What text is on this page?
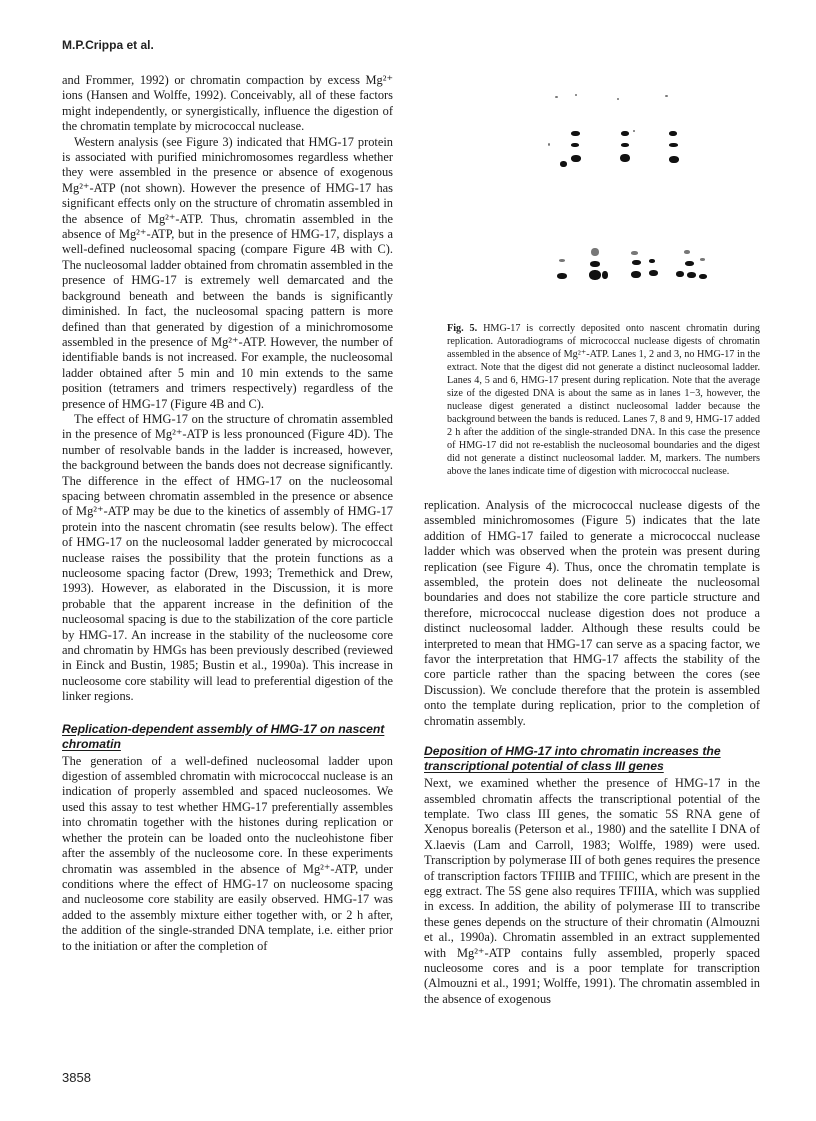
M.P.Crippa et al.

and Frommer, 1992) or chromatin compaction by excess Mg²⁺ ions (Hansen and Wolffe, 1992). Conceivably, all of these factors might independently, or synergistically, influence the digestion of the chromatin template by micrococcal nuclease.

Western analysis (see Figure 3) indicated that HMG-17 protein is associated with purified minichromosomes regardless whether they were assembled in the presence or absence of exogenous Mg²⁺-ATP (not shown). However the presence of HMG-17 has significant effects only on the structure of chromatin assembled in the absence of Mg²⁺-ATP. Thus, chromatin assembled in the absence of Mg²⁺-ATP, but in the presence of HMG-17, displays a well-defined nucleosomal spacing (compare Figure 4B with C). The nucleosomal ladder obtained from chromatin assembled in the presence of HMG-17 is extremely well demarcated and the background beneath and between the bands is significantly diminished. In fact, the nucleosomal spacing pattern is more defined than that generated by digestion of a minichromosome assembled in the presence of Mg²⁺-ATP. However, the number of identifiable bands is not increased. For example, the nucleosomal ladder obtained after 5 min and 10 min extends to the same position (tetramers and trimers respectively) regardless of the presence of HMG-17 (Figure 4B and C).

The effect of HMG-17 on the structure of chromatin assembled in the presence of Mg²⁺-ATP is less pronounced (Figure 4D). The number of resolvable bands in the ladder is increased, however, the background between the bands does not decrease significantly. The difference in the effect of HMG-17 on the nucleosomal spacing between chromatin assembled in the presence or absence of Mg²⁺-ATP may be due to the kinetics of assembly of HMG-17 protein into the nascent chromatin (see results below). The effect of HMG-17 on the nucleosomal ladder generated by micrococcal nuclease raises the possibility that the protein functions as a nucleosome spacing factor (Drew, 1993; Tremethick and Drew, 1993). However, as elaborated in the Discussion, it is more probable that the apparent increase in the definition of the nucleosomal spacing is due to the stabilization of the core particle by HMG-17. An increase in the stability of the nucleosome core and chromatin by HMGs has been previously described (reviewed in Einck and Bustin, 1985; Bustin et al., 1990a). This increase in nucleosome core stability will lead to preferential digestion of the linker regions.

Replication-dependent assembly of HMG-17 on nascent chromatin

The generation of a well-defined nucleosomal ladder upon digestion of assembled chromatin with micrococcal nuclease is an indication of properly assembled and spaced nucleosomes. We used this assay to test whether HMG-17 preferentially assembles into chromatin together with the histones during replication or whether the protein can be loaded onto the nucleohistone fiber after the assembly of the nucleosome core. In these experiments chromatin was assembled in the absence of Mg²⁺-ATP, under conditions where the effect of HMG-17 on nucleosome spacing and nucleosome core stability are easily observed. HMG-17 was added to the assembly mixture either together with, or 2 h after, the addition of the single-stranded DNA template, i.e. either prior to the initiation or after the completion of

Fig. 5. HMG-17 is correctly deposited onto nascent chromatin during replication. Autoradiograms of micrococcal nuclease digests of chromatin assembled in the absence of Mg²⁺-ATP. Lanes 1, 2 and 3, no HMG-17 in the extract. Note that the digest did not generate a distinct nucleosomal ladder. Lanes 4, 5 and 6, HMG-17 present during replication. Note that the average size of the digested DNA is about the same as in lanes 1−3, however, the nuclease digest generated a distinct nucleosomal ladder because the background between the bands is reduced. Lanes 7, 8 and 9, HMG-17 added 2 h after the addition of the single-stranded DNA. In this case the presence of HMG-17 did not re-establish the nucleosomal boundaries and the digest did not generate a distinct nucleosomal ladder. M, markers. The numbers above the lanes indicate time of digestion with micrococcal nuclease.

replication. Analysis of the micrococcal nuclease digests of the assembled minichromosomes (Figure 5) indicates that the late addition of HMG-17 failed to generate a micrococcal nuclease ladder which was observed when the protein was present during replication (see Figure 4). Thus, once the chromatin template is assembled, the protein does not delineate the nucleosomal boundaries and does not stabilize the core particle structure and therefore, micrococcal nuclease digestion does not produce a distinct nucleosomal ladder. Although these results could be interpreted to mean that HMG-17 can serve as a spacing factor, we favor the interpretation that HMG-17 affects the stability of the core particle rather than the spacing between the cores (see Discussion). We conclude therefore that the protein is assembled onto the template during replication, prior to the completion of chromatin assembly.

Deposition of HMG-17 into chromatin increases the transcriptional potential of class III genes

Next, we examined whether the presence of HMG-17 in the assembled chromatin affects the transcriptional potential of the template. Two class III genes, the somatic 5S RNA gene of Xenopus borealis (Peterson et al., 1980) and the satellite I DNA of X.laevis (Lam and Carroll, 1983; Wolffe, 1989) were used. Transcription by polymerase III of both genes requires the presence of transcription factors TFIIIB and TFIIIC, which are present in the egg extract. The 5S gene also requires TFIIIA, which was supplied in excess. In addition, the ability of polymerase III to transcribe these genes depends on the structure of their chromatin (Almouzni et al., 1990a). Chromatin assembled in an extract supplemented with Mg²⁺-ATP contains fully assembled, properly spaced nucleosome cores and is a poor template for transcription (Almouzni et al., 1991; Wolffe, 1991). The chromatin assembled in the absence of exogenous

3858
